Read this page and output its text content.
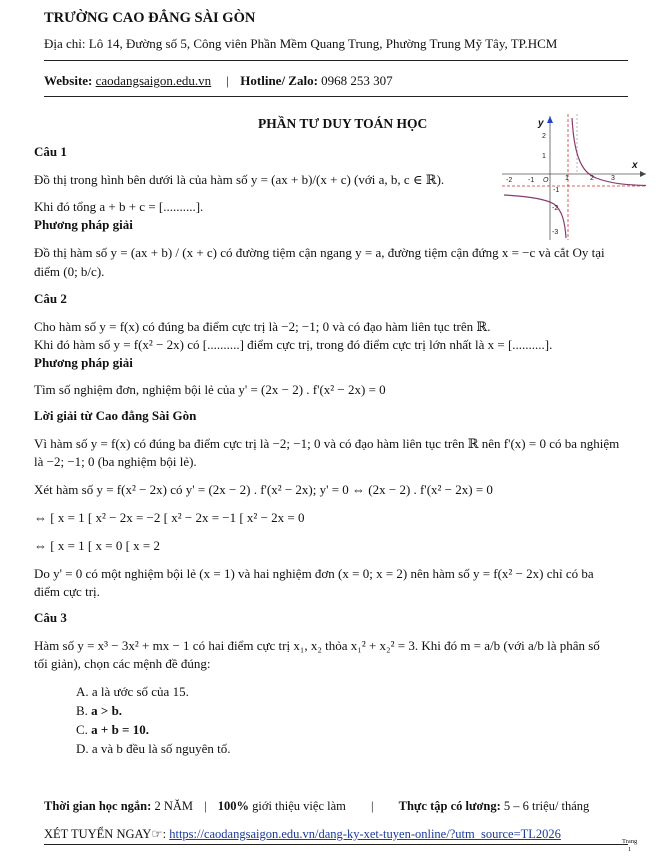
TRƯỜNG CAO ĐẲNG SÀI GÒN
Địa chỉ: Lô 14, Đường số 5, Công viên Phần Mềm Quang Trung, Phường Trung Mỹ Tây, TP.HCM
Website: caodangsaigon.edu.vn | Hotline/ Zalo: 0968 253 307
PHẦN TƯ DUY TOÁN HỌC
Câu 1
Đồ thị trong hình bên dưới là của hàm số y = (ax + b)/(x + c) (với a, b, c ∈ ℝ).
Khi đó tổng a + b + c = [..........].
Phương pháp giải
Đồ thị hàm số y = (ax + b) / (x + c) có đường tiệm cận ngang y = a, đường tiệm cận đứng x = −c và cắt Oy tại
điểm (0; b/c).
y
x
-2 -1 O 1	2 3
2
1
-1
-2
-3
Câu 2
Cho hàm số y = f(x) có đúng ba điểm cực trị là −2; −1; 0 và có đạo hàm liên tục trên ℝ.
Khi đó hàm số y = f(x² − 2x) có [..........] điểm cực trị, trong đó điểm cực trị lớn nhất là x = [..........].
Phương pháp giải
Tìm số nghiệm đơn, nghiệm bội lẻ của y' = (2x − 2) . f'(x² − 2x) = 0
Lời giải từ Cao đẳng Sài Gòn
Vì hàm số y = f(x) có đúng ba điểm cực trị là −2; −1; 0 và có đạo hàm liên tục trên ℝ nên f'(x) = 0 có ba nghiệm
là −2; −1; 0 (ba nghiệm bội lẻ).
Xét hàm số y = f(x² − 2x) có y' = (2x − 2) . f'(x² − 2x); y' = 0 ⇔ (2x − 2) . f'(x² − 2x) = 0
⇔ [ x = 1 [ x² − 2x = −2 [ x² − 2x = −1 [ x² − 2x = 0
⇔ [ x = 1 [ x = 0 [ x = 2
Do y' = 0 có một nghiệm bội lẻ (x = 1) và hai nghiệm đơn (x = 0; x = 2) nên hàm số y = f(x² − 2x) chỉ có ba
điểm cực trị.
Câu 3
Hàm số y = x³ − 3x² + mx − 1 có hai điểm cực trị x₁, x₂ thỏa x₁² + x₂² = 3. Khi đó m = a/b (với a/b là phân số
tối giản), chọn các mệnh đề đúng:
A. a là ước số của 15.
B. a > b.
C. a + b = 10.
D. a và b đều là số nguyên tố.
Thời gian học ngắn: 2 NĂM | 100% giới thiệu việc làm | Thực tập có lương: 5 – 6 triệu/ tháng
XÉT TUYỂN NGAY☞: https://caodangsaigon.edu.vn/dang-ky-xet-tuyen-online/?utm_source=TL2026
Trang
1
